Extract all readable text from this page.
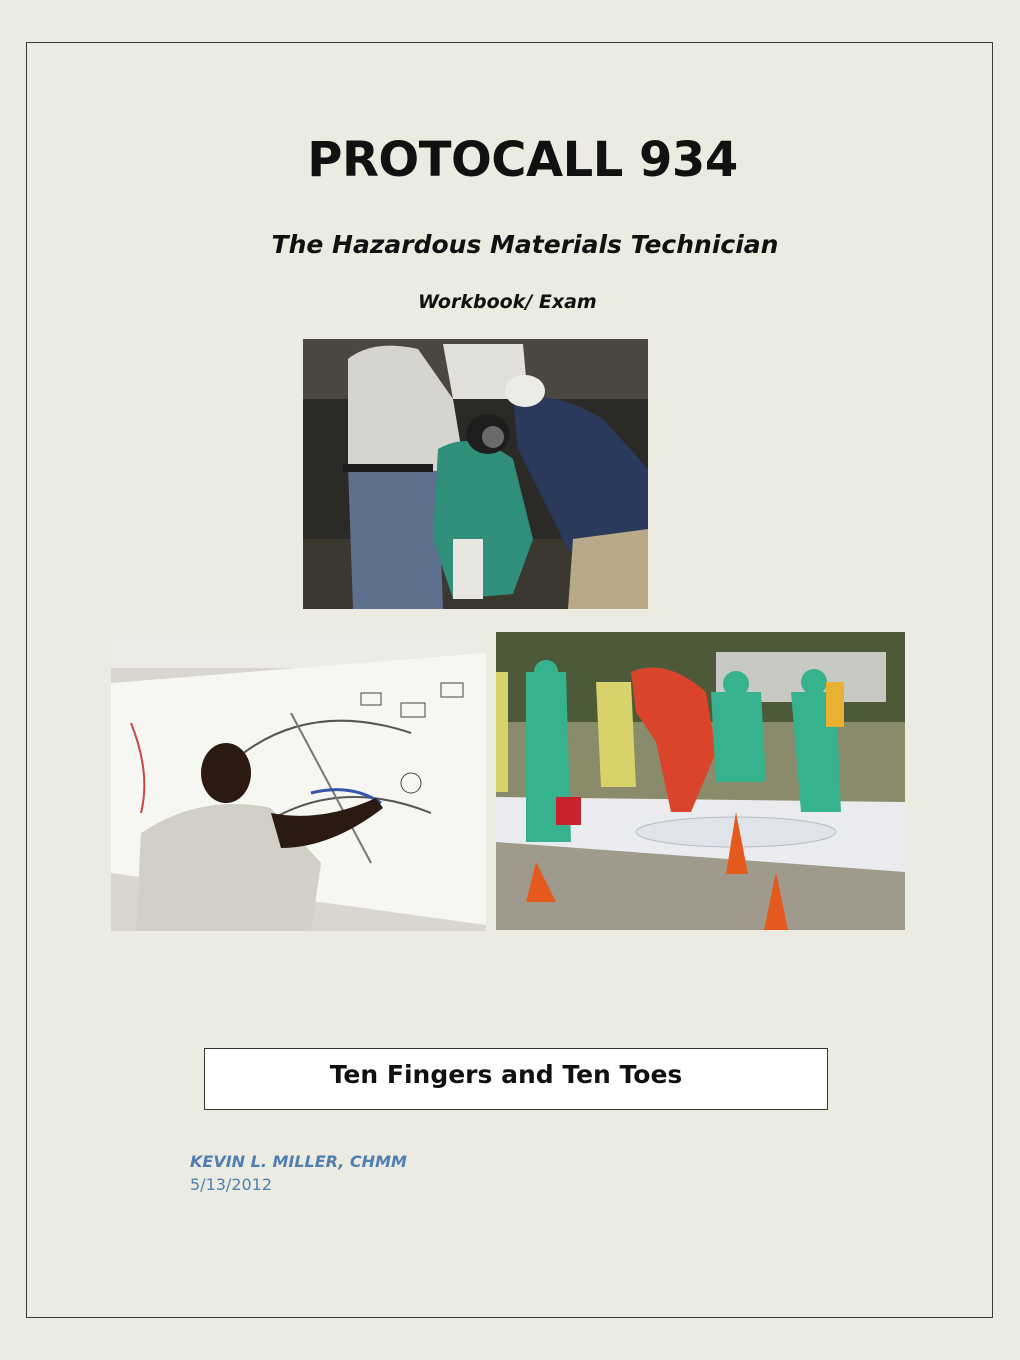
PROTOCALL 934
The Hazardous Materials Technician
Workbook/ Exam
Ten Fingers and Ten Toes
KEVIN L. MILLER, CHMM
5/13/2012
